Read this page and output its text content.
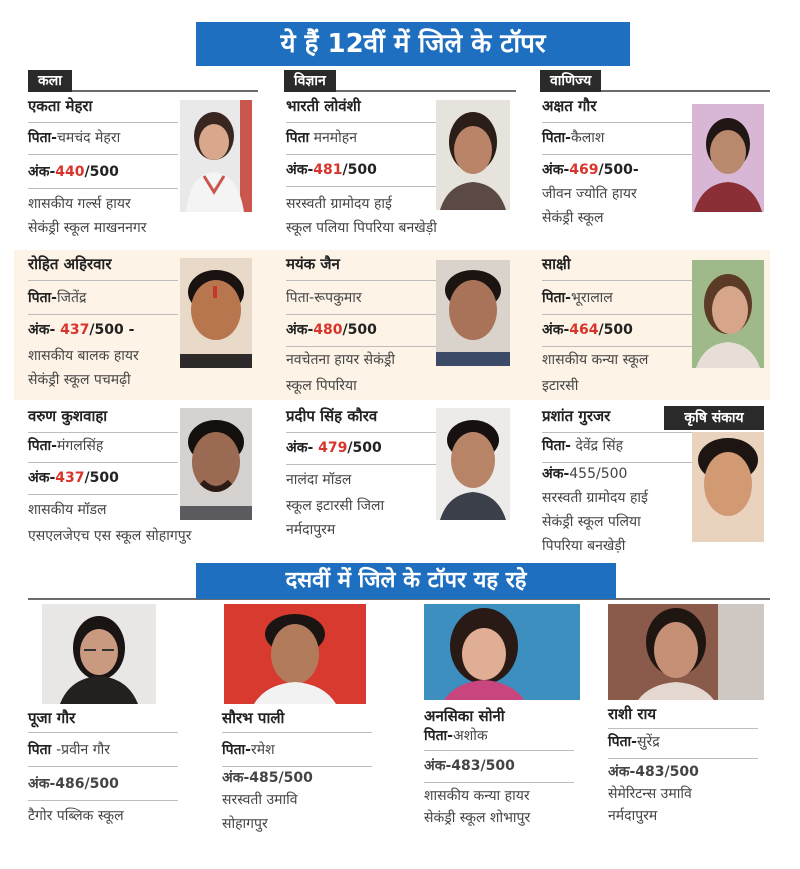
ये हैं 12वीं में जिले के टॉपर
कला	विज्ञान	वाणिज्य
एकता मेहरा
पिता-चमचंद मेहरा
अंक-440/500
शासकीय गर्ल्स हायर
सेकंड्री स्कूल माखननगर
भारती लोवंशी
पिता मनमोहन
अंक-481/500
सरस्वती ग्रामोदय हाई
स्कूल पलिया पिपरिया बनखेड़ी
अक्षत गौर
पिता-कैलाश
अंक-469/500-
जीवन ज्योति हायर
सेकंड्री स्कूल
रोहित अहिरवार
पिता-जितेंद्र
अंक- 437/500 -
शासकीय बालक हायर
सेकंड्री स्कूल पचमढ़ी
मयंक जैन
पिता-रूपकुमार
अंक-480/500
नवचेतना हायर सेकंड्री
स्कूल पिपरिया
साक्षी
पिता-भूरालाल
अंक-464/500
शासकीय कन्या स्कूल
इटारसी
वरुण कुशवाहा
पिता-मंगलसिंह
अंक-437/500
शासकीय मॉडल
एसएलजेएच एस स्कूल सोहागपुर
प्रदीप सिंह कौरव
अंक- 479/500
नालंदा मॉडल
स्कूल इटारसी जिला
नर्मदापुरम
कृषि संकाय
प्रशांत गुरजर
पिता- देवेंद्र सिंह
अंक-455/500
सरस्वती ग्रामोदय हाई
सेकंड्री स्कूल पलिया
पिपरिया बनखेड़ी
दसवीं में जिले के टॉपर यह रहे
पूजा गौर
पिता -प्रवीन गौर
अंक-486/500
टैगोर पब्लिक स्कूल
सौरभ पाली
पिता-रमेश
अंक-485/500
सरस्वती उमावि
सोहागपुर
अनसिका सोनी
पिता-अशोक
अंक-483/500
शासकीय कन्या हायर
सेकंड्री स्कूल शोभापुर
राशी राय
पिता-सुरेंद्र
अंक-483/500
सेमेरिटन्स उमावि
नर्मदापुरम
